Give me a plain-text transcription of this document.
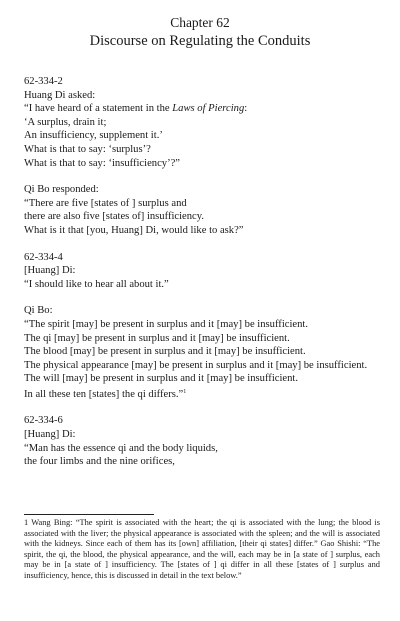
Chapter 62
Discourse on Regulating the Conduits
62-334-2
Huang Di asked:
“I have heard of a statement in the Laws of Piercing:
‘A surplus, drain it;
An insufficiency, supplement it.’
What is that to say: ‘surplus’?
What is that to say: ‘insufficiency’?”
Qi Bo responded:
“There are five [states of ] surplus and
there are also five [states of] insufficiency.
What is it that [you, Huang] Di, would like to ask?”
62-334-4
[Huang] Di:
“I should like to hear all about it.”
Qi Bo:
“The spirit [may] be present in surplus and it [may] be insufficient.
The qi [may] be present in surplus and it [may] be insufficient.
The blood [may] be present in surplus and it [may] be insufficient.
The physical appearance [may] be present in surplus and it [may] be insufficient.
The will [may] be present in surplus and it [may] be insufficient.
In all these ten [states] the qi differs.”$^1$
62-334-6
[Huang] Di:
“Man has the essence qi and the body liquids,
the four limbs and the nine orifices,
1 Wang Bing: “The spirit is associated with the heart; the qi is associated with the lung; the blood is associated with the liver; the physical appearance is associated with the spleen; and the will is associated with the kidneys. Since each of them has its [own] affiliation, [their qi states] differ.” Gao Shishi: “The spirit, the qi, the blood, the physical appearance, and the will, each may be in [a state of ] surplus, each may be in [a state of ] insufficiency. The [states of ] qi differ in all these [states of ] surplus and insufficiency, hence, this is discussed in detail in the text below.”
